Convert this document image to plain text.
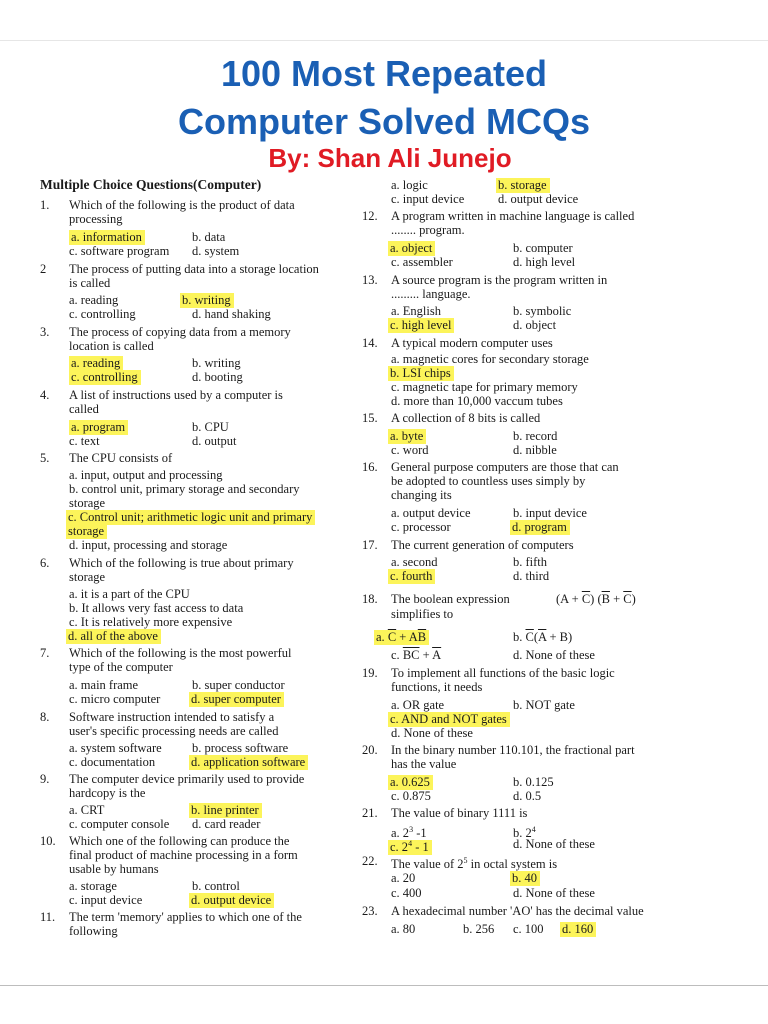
100 Most Repeated
Computer Solved MCQs
By: Shan Ali Junejo
Multiple Choice Questions(Computer)
1. Which of the following is the product of data
processing
a. information	b. data
c. software program d. system
2 The process of putting data into a storage location
is called
a. reading	b. writing
c. controlling	d. hand shaking
3. The process of copying data from a memory
location is called
a. reading	b. writing
c. controlling	d. booting
4. A list of instructions used by a computer is
called
a. program	b. CPU
c. text	d. output
5. The CPU consists of
a. input, output and processing
b. control unit, primary storage and secondary
storage
c. Control unit; arithmetic logic unit and primary
storage
d. input, processing and storage
6. Which of the following is true about primary
storage
a. it is a part of the CPU
b. It allows very fast access to data
c. It is relatively more expensive
d. all of the above
7. Which of the following is the most powerful
type of the computer
a. main frame	b. super conductor
c. micro computer d. super computer
8. Software instruction intended to satisfy a
user's specific processing needs are called
a. system software b. process software
c. documentation	d. application software
9. The computer device primarily used to provide
hardcopy is the
a. CRT	b. line printer
c. computer console d. card reader
10. Which one of the following can produce the
final product of machine processing in a form
usable by humans
a. storage	b. control
c. input device	d. output device
11. The term 'memory' applies to which one of the
following
a. logic	b. storage
c. input device	d. output device
12. A program written in machine language is called
........ program.
a. object	b. computer
c. assembler	d. high level
13. A source program is the program written in
......... language.
a. English	b. symbolic
c. high level	d. object
14. A typical modern computer uses
a. magnetic cores for secondary storage
b. LSI chips
c. magnetic tape for primary memory
d. more than 10,000 vaccum tubes
15. A collection of 8 bits is called
a. byte	b. record
c. word	d. nibble
16. General purpose computers are those that can
be adopted to countless uses simply by
changing its
a. output device	b. input device
c. processor	d. program
17. The current generation of computers
a. second	b. fifth
c. fourth	d. third
18. The boolean expression	$(A + \overline{C})$ $(\overline{B} + \overline{C})$
simplifies to
a. $\overline{C} + A\overline{B}$	b. $\overline{C}(\overline{A} + B)$
c. $\overline{BC} + \overline{A}$	d. None of these
19. To implement all functions of the basic logic
functions, it needs
a. OR gate	b. NOT gate
c. AND and NOT gates
d. None of these
20. In the binary number 110.101, the fractional part
has the value
a. 0.625	b. 0.125
c. 0.875	d. 0.5
21. The value of binary 1111 is
a. $2^3$ -1	b. $2^4$
c. $2^4 - 1$	d. None of these
22. The value of $2^5$ in octal system is
a. 20	b. 40
c. 400	d. None of these
23. A hexadecimal number 'AO' has the decimal value
a. 80	b. 256 c. 100 d. 160
